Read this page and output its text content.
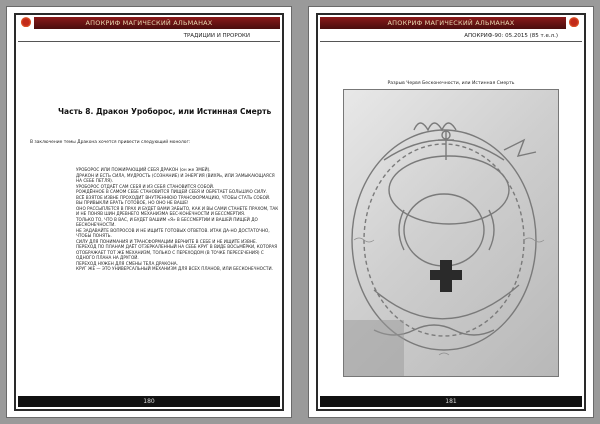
АПОКРИФ МАГИЧЕСКИЙ АЛЬМАНАХ
ТРАДИЦИИ И ПРОРОКИ
Часть 8. Дракон Уроборос, или Истинная Смерть
В заключение темы Дракона хочется привести следующий монолог:

УРОБОРОС ИЛИ ПОЖИРАЮЩИЙ СЕБЯ ДРАКОН (он же ЗМЕЙ).

ДРАКОН И ЕСТЬ СИЛА, МУДРОСТЬ (СОЗНАНИЕ) И ЭНЕРГИЯ (ВИХРЬ, ИЛИ ЗАМЫКАЮЩАЯСЯ НА СЕБЕ ПЕТЛЯ).

УРОБОРОС ОТДАЁТ САМ СЕБЯ И ИЗ СЕБЯ СТАНОВИТСЯ СОБОЙ.

РОЖДЁННОЕ В САМОМ СЕБЕ СТАНОВИТСЯ ПИЩЕЙ СЕБЯ И ОБРЕТАЕТ БОЛЬШУЮ СИЛУ.

ВСЁ ВЗЯТОЕ ИЗВНЕ ПРОХОДИТ ВНУТРЕННЮЮ ТРАНСФОРМАЦИЮ, ЧТОБЫ СТАТЬ СОБОЙ.

ВЫ ПРИВЫКЛИ БРАТЬ ГОТОВОЕ, НО ОНО НЕ ВАШЕ!

ОНО РАССЫПЛЕТСЯ В ПРАХ И БУДЕТ ВАМИ ЗАБЫТО, КАК И ВЫ САМИ СТАНЕТЕ ПРАХОМ, ТАК И НЕ ПОНЯВ ШИН ДРЕВНЕГО МЕХАНИЗМА БЕС-КОНЕЧНОСТИ И БЕССМЕРТИЯ.

ТОЛЬКО ТО, ЧТО В ВАС, И БУДЕТ ВАШИМ «Я» В БЕССМЕРТИИ И ВАШЕЙ ПИЩЕЙ ДО БЕСКОНЕЧНОСТИ.

НЕ ЗАДАВАЙТЕ ВОПРОСОВ И НЕ ИЩИТЕ ГОТОВЫХ ОТВЕТОВ. ИТАК ДА-НО ДОСТАТОЧНО, ЧТОБЫ ПОНЯТЬ.

СИЛУ ДЛЯ ПОНИМАНИЯ И ТРАНСФОРМАЦИИ ВЕРНИТЕ В СЕБЕ И НЕ ИЩИТЕ ИЗВНЕ.

ПЕРЕХОД ПО ПЛАНАМ ДАЁТ ОТЗЕРКАЛЕННЫЙ НА СЕБЕ КРУГ В ВИДЕ ВОСЬМЁРКИ, КОТОРАЯ ОТОБРАЖАЕТ ТОТ ЖЕ МЕХАНИЗМ, ТОЛЬКО С ПЕРЕХОДОМ (В ТОЧКЕ ПЕРЕСЕЧЕНИЯ) С ОДНОГО ПЛАНА НА ДРУГОЙ.

ПЕРЕХОД НУЖЕН ДЛЯ СМЕНЫ ТЕЛА ДРАКОНА.

КРУГ ЖЕ — ЭТО УНИВЕРСАЛЬНЫЙ МЕХАНИЗМ ДЛЯ ВСЕХ ПЛАНОВ, ИЛИ БЕСКОНЕЧНОСТИ.

180
АПОКРИФ МАГИЧЕСКИЙ АЛЬМАНАХ
АПОКРИФ-90: 05.2015 (85 т.е.л.)
Разрыв Червя Бесконечности, или Истинная Смерть
181
